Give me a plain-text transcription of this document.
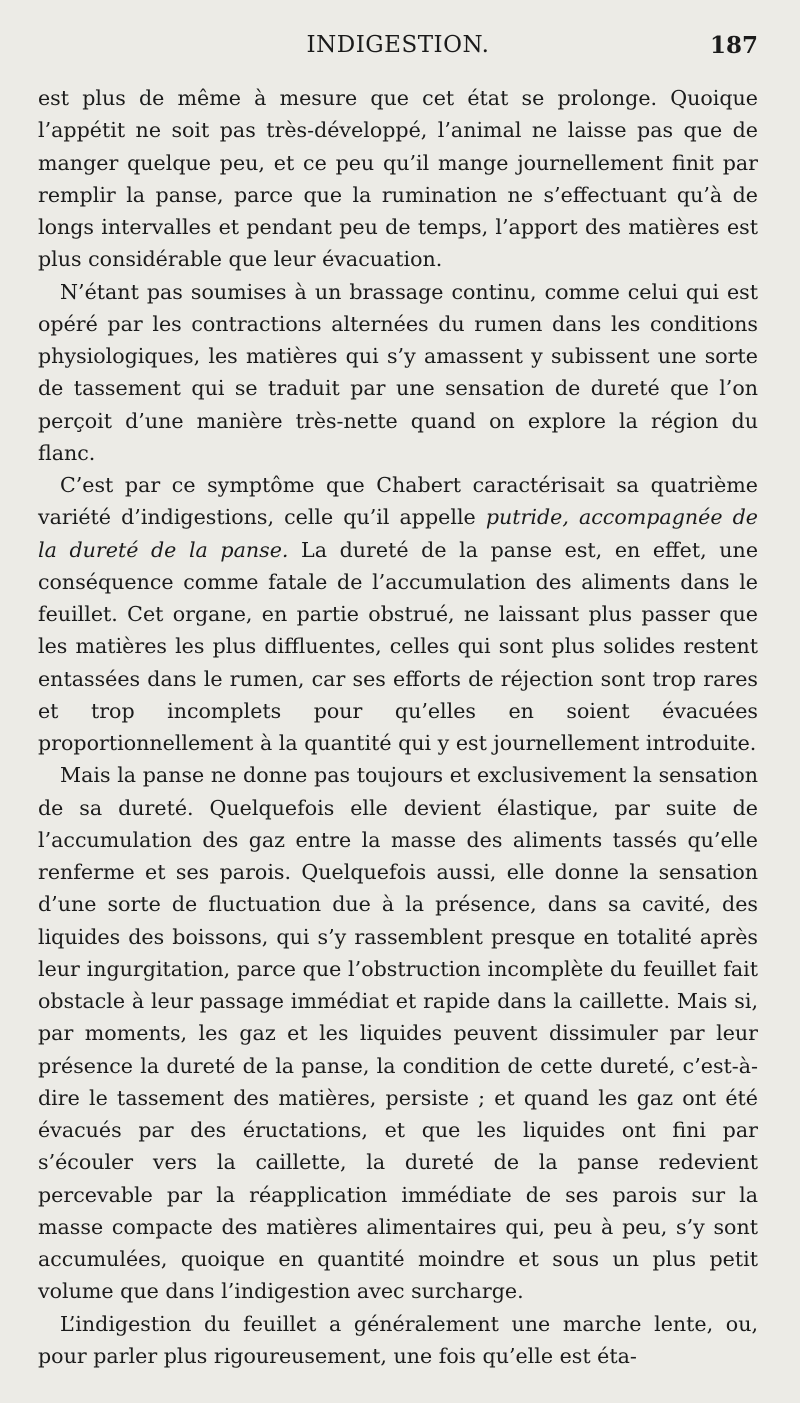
INDIGESTION.	187

est plus de même à mesure que cet état se prolonge. Quoique l’appétit ne soit pas très-développé, l’animal ne laisse pas que de manger quelque peu, et ce peu qu’il mange journellement finit par remplir la panse, parce que la rumination ne s’effectuant qu’à de longs intervalles et pendant peu de temps, l’apport des matières est plus considérable que leur évacuation.

N’étant pas soumises à un brassage continu, comme celui qui est opéré par les contractions alternées du rumen dans les conditions physiologiques, les matières qui s’y amassent y subissent une sorte de tassement qui se traduit par une sensation de dureté que l’on perçoit d’une manière très-nette quand on explore la région du flanc.

C’est par ce symptôme que Chabert caractérisait sa quatrième variété d’indigestions, celle qu’il appelle putride, accompagnée de la dureté de la panse. La dureté de la panse est, en effet, une conséquence comme fatale de l’accumulation des aliments dans le feuillet. Cet organe, en partie obstrué, ne laissant plus passer que les matières les plus diffluentes, celles qui sont plus solides restent entassées dans le rumen, car ses efforts de réjection sont trop rares et trop incomplets pour qu’elles en soient évacuées proportionnellement à la quantité qui y est journellement introduite.

Mais la panse ne donne pas toujours et exclusivement la sensation de sa dureté. Quelquefois elle devient élastique, par suite de l’accumulation des gaz entre la masse des aliments tassés qu’elle renferme et ses parois. Quelquefois aussi, elle donne la sensation d’une sorte de fluctuation due à la présence, dans sa cavité, des liquides des boissons, qui s’y rassemblent presque en totalité après leur ingurgitation, parce que l’obstruction incomplète du feuillet fait obstacle à leur passage immédiat et rapide dans la caillette. Mais si, par moments, les gaz et les liquides peuvent dissimuler par leur présence la dureté de la panse, la condition de cette dureté, c’est-à-dire le tassement des matières, persiste ; et quand les gaz ont été évacués par des éructations, et que les liquides ont fini par s’écouler vers la caillette, la dureté de la panse redevient percevable par la réapplication immédiate de ses parois sur la masse compacte des matières alimentaires qui, peu à peu, s’y sont accumulées, quoique en quantité moindre et sous un plus petit volume que dans l’indigestion avec surcharge.

L’indigestion du feuillet a généralement une marche lente, ou, pour parler plus rigoureusement, une fois qu’elle est éta-
